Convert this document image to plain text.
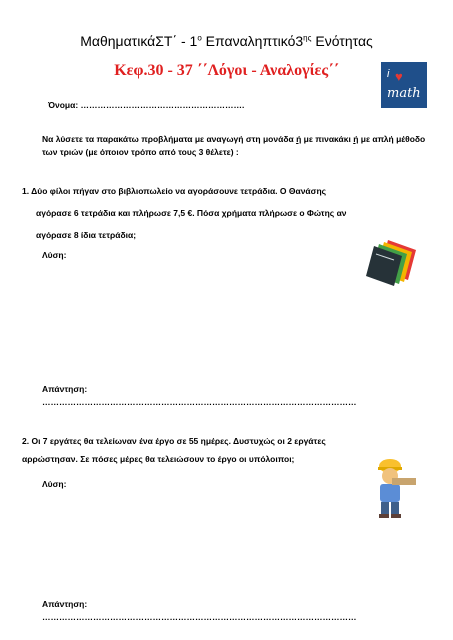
$M\alpha\theta\eta\mu\alpha\tau\iota\kappa ά\Sigma T΄ - 1^o$ $E\pi\alpha\nu\alpha\lambda\eta\pi\tau\iota\kappa ό3^{\eta\varsigma}$ Ενότητας
Κεφ.30 - 37 ΄΄Λόγοι - Αναλογίες΄΄	i ♥
math
Όνομα: ………………………………………………….
Να λύσετε τα παρακάτω προβλήματα με αναγωγή στη μονάδα ή με πινακάκι ή με απλή μέθοδο των τριών (με όποιον τρόπο από τους 3 θέλετε) :
1. Δύο φίλοι πήγαν στο βιβλιοπωλείο να αγοράσουνε τετράδια. Ο Θανάσης
αγόρασε 6 τετράδια και πλήρωσε 7,5 €. Πόσα χρήματα πλήρωσε ο Φώτης αν
αγόρασε 8 ίδια τετράδια;
Λύση:
Απάντηση: …………………………………………………………………………………………………
2. Οι 7 εργάτες θα τελείωναν ένα έργο σε 55 ημέρες. Δυστυχώς οι 2 εργάτες
αρρώστησαν. Σε πόσες μέρες θα τελειώσουν το έργο οι υπόλοιποι;
Λύση:
Απάντηση: …………………………………………………………………………………………………
